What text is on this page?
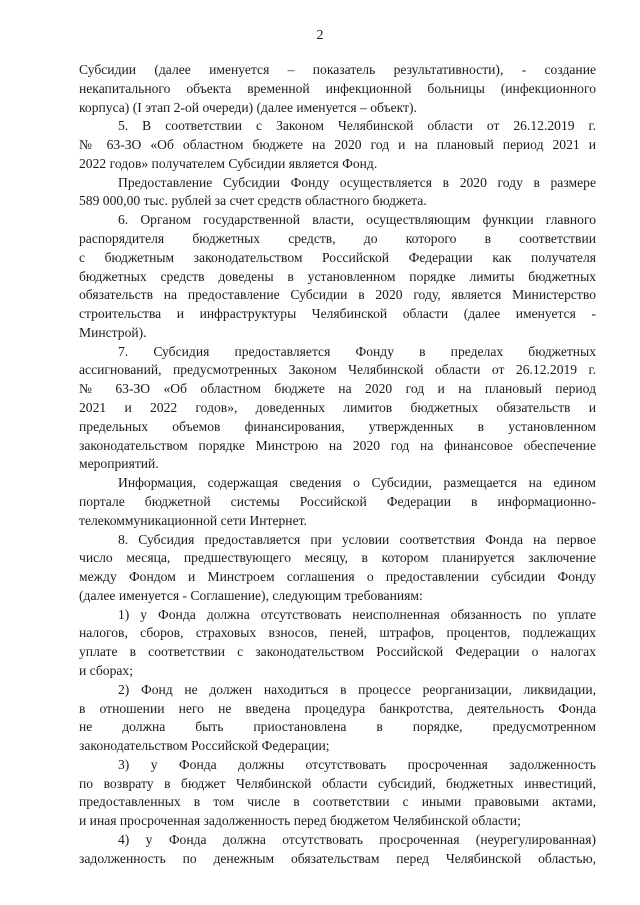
2
Субсидии (далее именуется – показатель результативности), - создание
некапитального объекта временной инфекционной больницы (инфекционного
корпуса) (I этап 2-ой очереди) (далее именуется – объект).
5. В соответствии с Законом Челябинской области от 26.12.2019 г.
№ 63-ЗО «Об областном бюджете на 2020 год и на плановый период 2021 и
2022 годов» получателем Субсидии является Фонд.
Предоставление Субсидии Фонду осуществляется в 2020 году в размере
589 000,00 тыс. рублей за счет средств областного бюджета.
6. Органом государственной власти, осуществляющим функции главного
распорядителя бюджетных средств, до которого в соответствии
с бюджетным законодательством Российской Федерации как получателя
бюджетных средств доведены в установленном порядке лимиты бюджетных
обязательств на предоставление Субсидии в 2020 году, является Министерство
строительства и инфраструктуры Челябинской области (далее именуется -
Минстрой).
7. Субсидия предоставляется Фонду в пределах бюджетных
ассигнований, предусмотренных Законом Челябинской области от 26.12.2019 г.
№ 63-ЗО «Об областном бюджете на 2020 год и на плановый период
2021 и 2022 годов», доведенных лимитов бюджетных обязательств и
предельных объемов финансирования, утвержденных в установленном
законодательством порядке Минстрою на 2020 год на финансовое обеспечение
мероприятий.
Информация, содержащая сведения о Субсидии, размещается на едином
портале бюджетной системы Российской Федерации в информационно-
телекоммуникационной сети Интернет.
8. Субсидия предоставляется при условии соответствия Фонда на первое
число месяца, предшествующего месяцу, в котором планируется заключение
между Фондом и Минстроем соглашения о предоставлении субсидии Фонду
(далее именуется - Соглашение), следующим требованиям:
1) у Фонда должна отсутствовать неисполненная обязанность по уплате
налогов, сборов, страховых взносов, пеней, штрафов, процентов, подлежащих
уплате в соответствии с законодательством Российской Федерации о налогах
и сборах;
2) Фонд не должен находиться в процессе реорганизации, ликвидации,
в отношении него не введена процедура банкротства, деятельность Фонда
не должна быть приостановлена в порядке, предусмотренном
законодательством Российской Федерации;
3) у Фонда должны отсутствовать просроченная задолженность
по возврату в бюджет Челябинской области субсидий, бюджетных инвестиций,
предоставленных в том числе в соответствии с иными правовыми актами,
и иная просроченная задолженность перед бюджетом Челябинской области;
4) у Фонда должна отсутствовать просроченная (неурегулированная)
задолженность по денежным обязательствам перед Челябинской областью,
